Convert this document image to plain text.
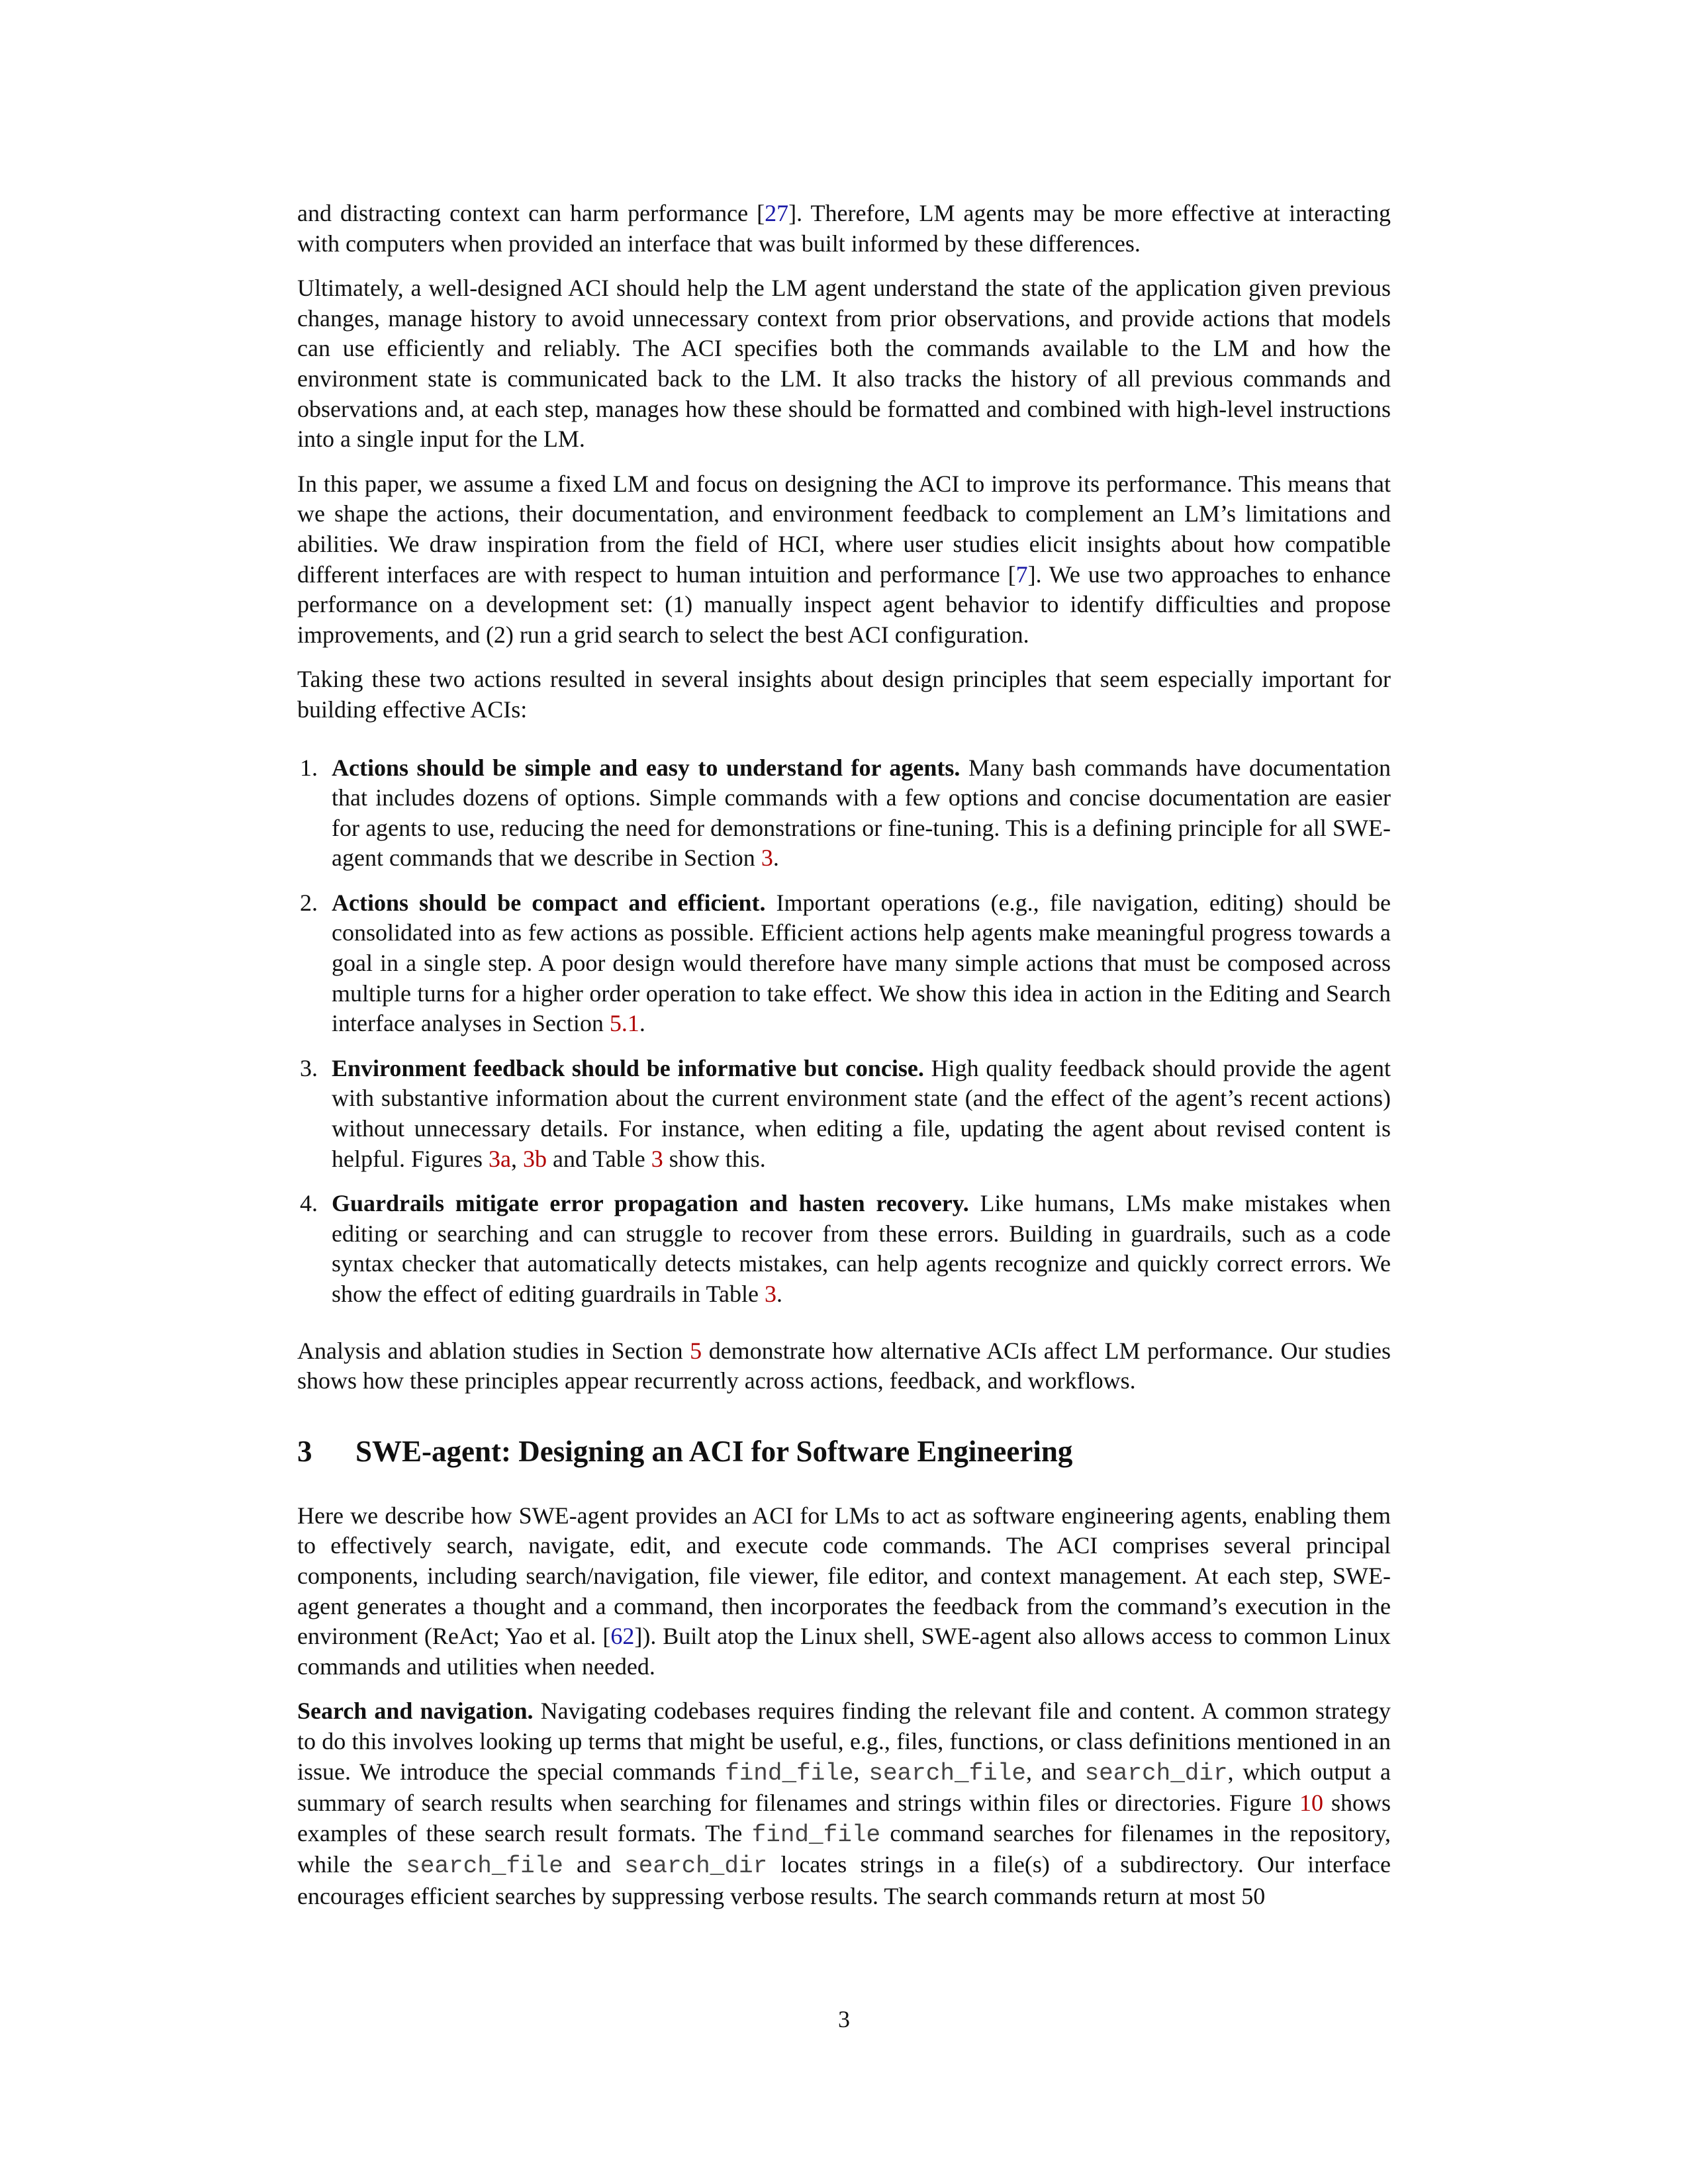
and distracting context can harm performance [27]. Therefore, LM agents may be more effective at interacting with computers when provided an interface that was built informed by these differences.

Ultimately, a well-designed ACI should help the LM agent understand the state of the application given previous changes, manage history to avoid unnecessary context from prior observations, and provide actions that models can use efficiently and reliably. The ACI specifies both the commands available to the LM and how the environment state is communicated back to the LM. It also tracks the history of all previous commands and observations and, at each step, manages how these should be formatted and combined with high-level instructions into a single input for the LM.

In this paper, we assume a fixed LM and focus on designing the ACI to improve its performance. This means that we shape the actions, their documentation, and environment feedback to complement an LM’s limitations and abilities. We draw inspiration from the field of HCI, where user studies elicit insights about how compatible different interfaces are with respect to human intuition and performance [7]. We use two approaches to enhance performance on a development set: (1) manually inspect agent behavior to identify difficulties and propose improvements, and (2) run a grid search to select the best ACI configuration.

Taking these two actions resulted in several insights about design principles that seem especially important for building effective ACIs:

1. Actions should be simple and easy to understand for agents. Many bash commands have documentation that includes dozens of options. Simple commands with a few options and concise documentation are easier for agents to use, reducing the need for demonstrations or fine-tuning. This is a defining principle for all SWE-agent commands that we describe in Section 3.
2. Actions should be compact and efficient. Important operations (e.g., file navigation, editing) should be consolidated into as few actions as possible. Efficient actions help agents make meaningful progress towards a goal in a single step. A poor design would therefore have many simple actions that must be composed across multiple turns for a higher order operation to take effect. We show this idea in action in the Editing and Search interface analyses in Section 5.1.
3. Environment feedback should be informative but concise. High quality feedback should provide the agent with substantive information about the current environment state (and the effect of the agent’s recent actions) without unnecessary details. For instance, when editing a file, updating the agent about revised content is helpful. Figures 3a, 3b and Table 3 show this.
4. Guardrails mitigate error propagation and hasten recovery. Like humans, LMs make mistakes when editing or searching and can struggle to recover from these errors. Building in guardrails, such as a code syntax checker that automatically detects mistakes, can help agents recognize and quickly correct errors. We show the effect of editing guardrails in Table 3.

Analysis and ablation studies in Section 5 demonstrate how alternative ACIs affect LM performance. Our studies shows how these principles appear recurrently across actions, feedback, and workflows.

3 SWE-agent: Designing an ACI for Software Engineering

Here we describe how SWE-agent provides an ACI for LMs to act as software engineering agents, enabling them to effectively search, navigate, edit, and execute code commands. The ACI comprises several principal components, including search/navigation, file viewer, file editor, and context management. At each step, SWE-agent generates a thought and a command, then incorporates the feedback from the command’s execution in the environment (ReAct; Yao et al. [62]). Built atop the Linux shell, SWE-agent also allows access to common Linux commands and utilities when needed.

Search and navigation. Navigating codebases requires finding the relevant file and content. A common strategy to do this involves looking up terms that might be useful, e.g., files, functions, or class definitions mentioned in an issue. We introduce the special commands find_file, search_file, and search_dir, which output a summary of search results when searching for filenames and strings within files or directories. Figure 10 shows examples of these search result formats. The find_file command searches for filenames in the repository, while the search_file and search_dir locates strings in a file(s) of a subdirectory. Our interface encourages efficient searches by suppressing verbose results. The search commands return at most 50

3
